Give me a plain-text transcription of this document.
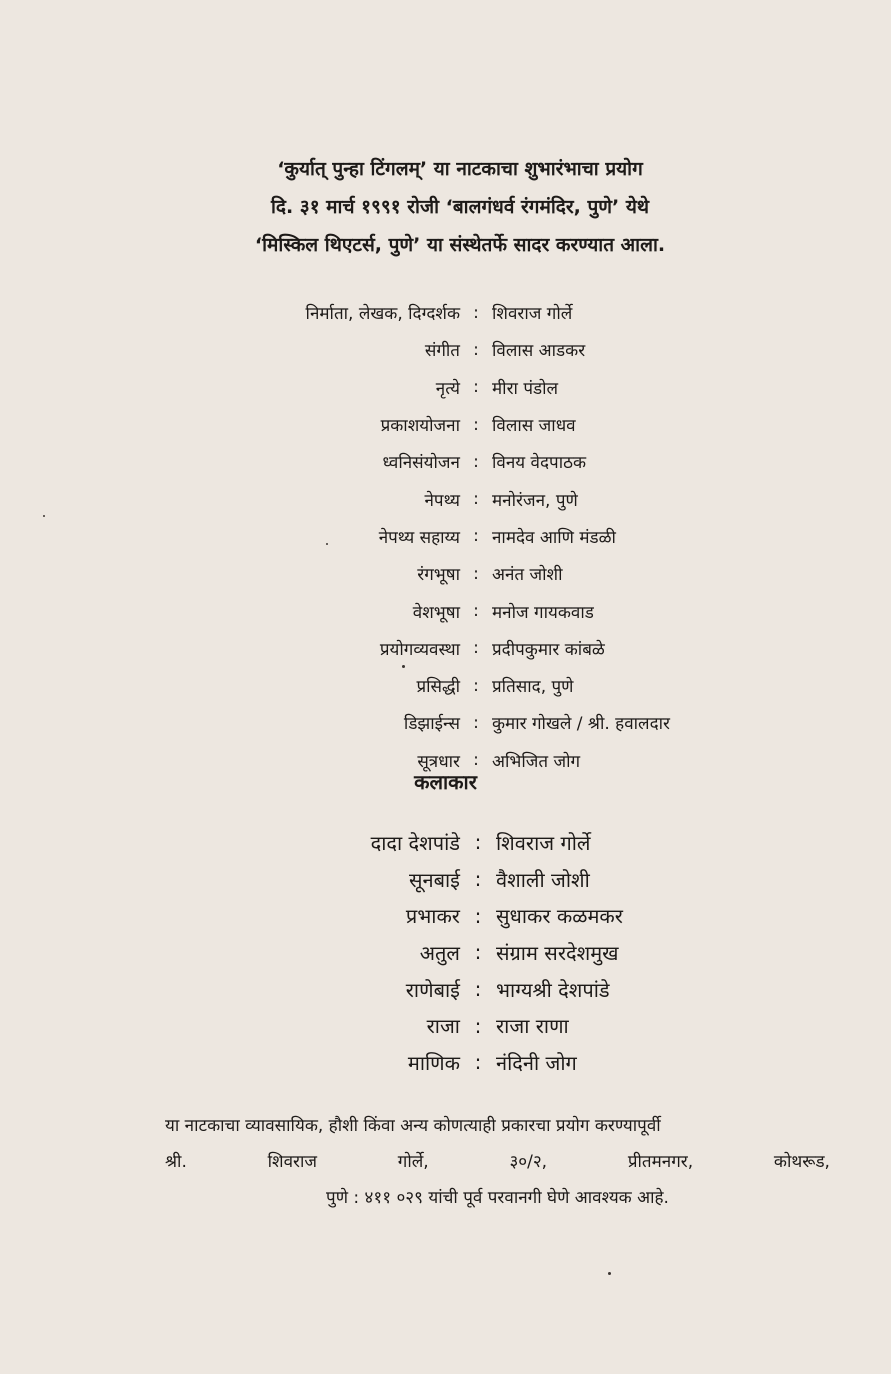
‘कुर्यात् पुन्हा टिंगलम्’ या नाटकाचा शुभारंभाचा प्रयोग
दि. ३१ मार्च १९९१ रोजी ‘बालगंधर्व रंगमंदिर, पुणे’ येथे
‘मिस्किल थिएटर्स, पुणे’ या संस्थेतर्फे सादर करण्यात आला.
निर्माता, लेखक, दिग्दर्शक : शिवराज गोर्ले
संगीत : विलास आडकर
नृत्ये : मीरा पंडोल
प्रकाशयोजना : विलास जाधव
ध्वनिसंयोजन : विनय वेदपाठक
नेपथ्य : मनोरंजन, पुणे
नेपथ्य सहाय्य : नामदेव आणि मंडळी
रंगभूषा : अनंत जोशी
वेशभूषा : मनोज गायकवाड
प्रयोगव्यवस्था : प्रदीपकुमार कांबळे
प्रसिद्धी : प्रतिसाद, पुणे
डिझाईन्स : कुमार गोखले / श्री. हवालदार
सूत्रधार : अभिजित जोग
कलाकार
दादा देशपांडे : शिवराज गोर्ले
सूनबाई : वैशाली जोशी
प्रभाकर : सुधाकर कळमकर
अतुल : संग्राम सरदेशमुख
राणेबाई : भाग्यश्री देशपांडे
राजा : राजा राणा
माणिक : नंदिनी जोग
या नाटकाचा व्यावसायिक, हौशी किंवा अन्य कोणत्याही प्रकारचा प्रयोग करण्यापूर्वी
श्री.	शिवराज	गोर्ले,	३०/२,	प्रीतमनगर,	कोथरूड,
पुणे : ४११ ०२९ यांची पूर्व परवानगी घेणे आवश्यक आहे.
